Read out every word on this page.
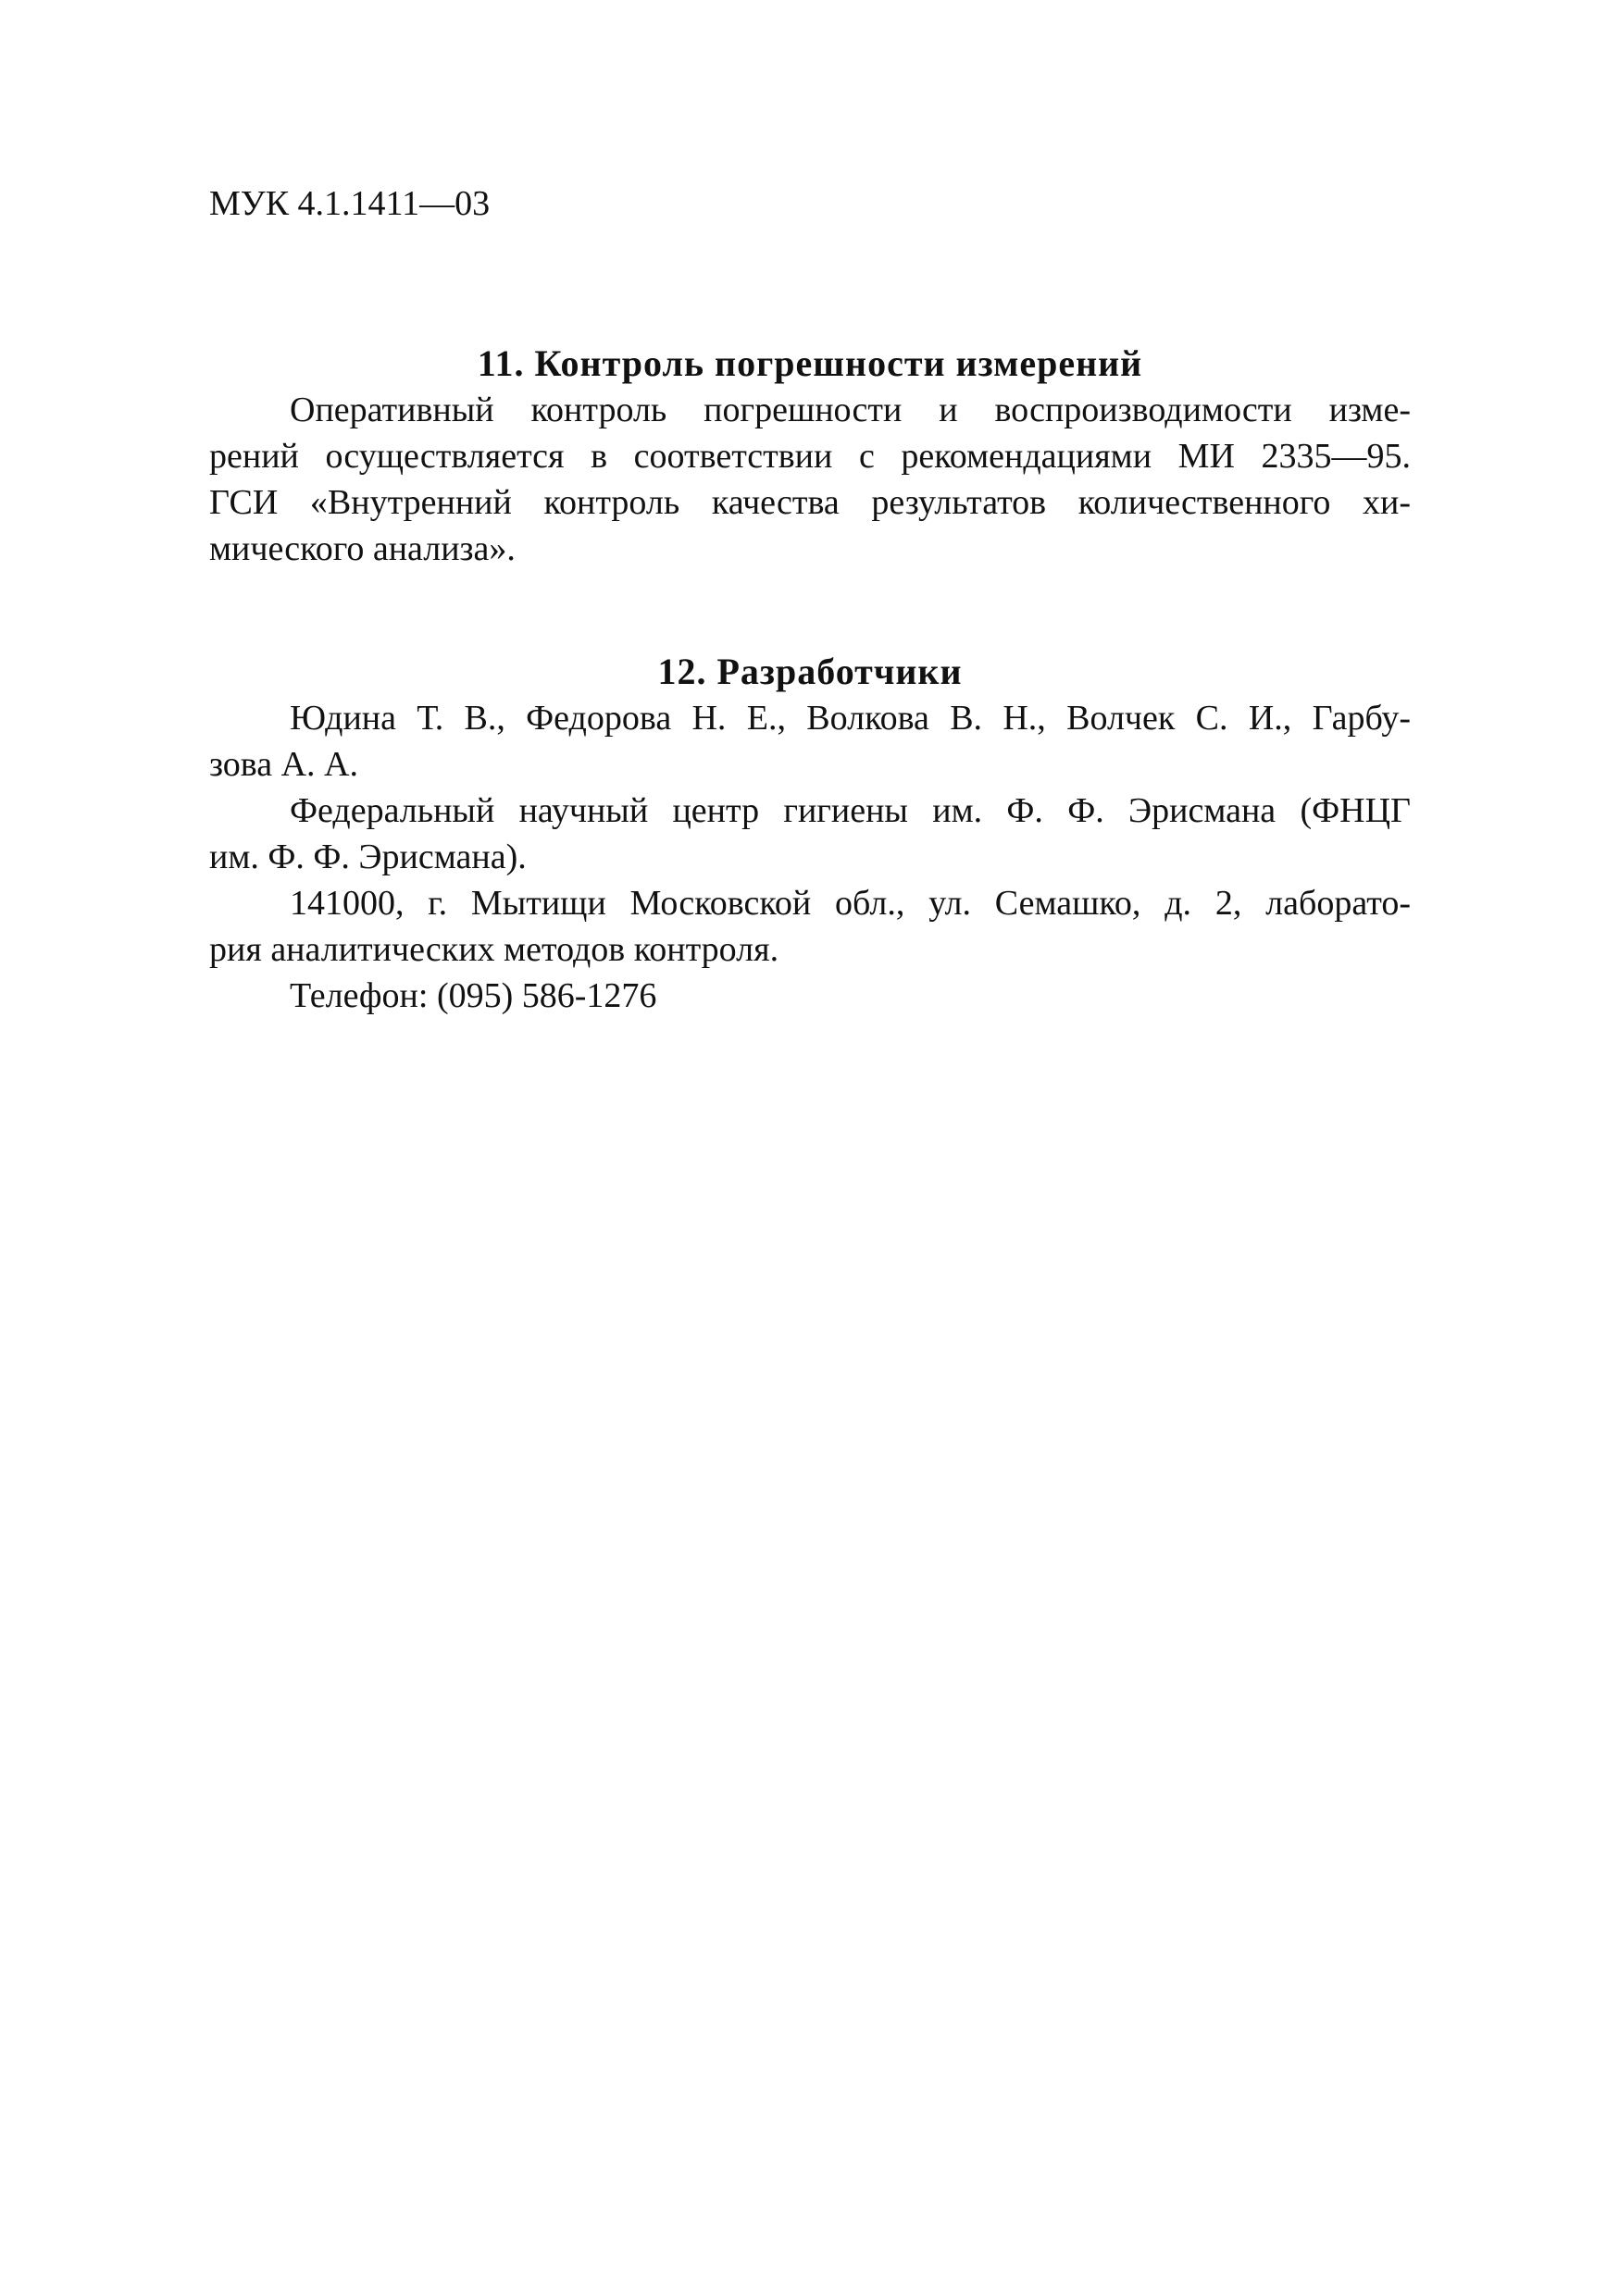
МУК 4.1.1411—03
11. Контроль погрешности измерений

Оперативный контроль погрешности и воспроизводимости изме-
рений осуществляется в соответствии с рекомендациями МИ 2335—95.
ГСИ «Внутренний контроль качества результатов количественного хи-
мического анализа».

12. Разработчики

Юдина Т. В., Федорова Н. Е., Волкова В. Н., Волчек С. И., Гарбу-
зова А. А.

Федеральный научный центр гигиены им. Ф. Ф. Эрисмана (ФНЦГ
им. Ф. Ф. Эрисмана).

141000, г. Мытищи Московской обл., ул. Семашко, д. 2, лаборато-
рия аналитических методов контроля.

Телефон: (095) 586-1276
